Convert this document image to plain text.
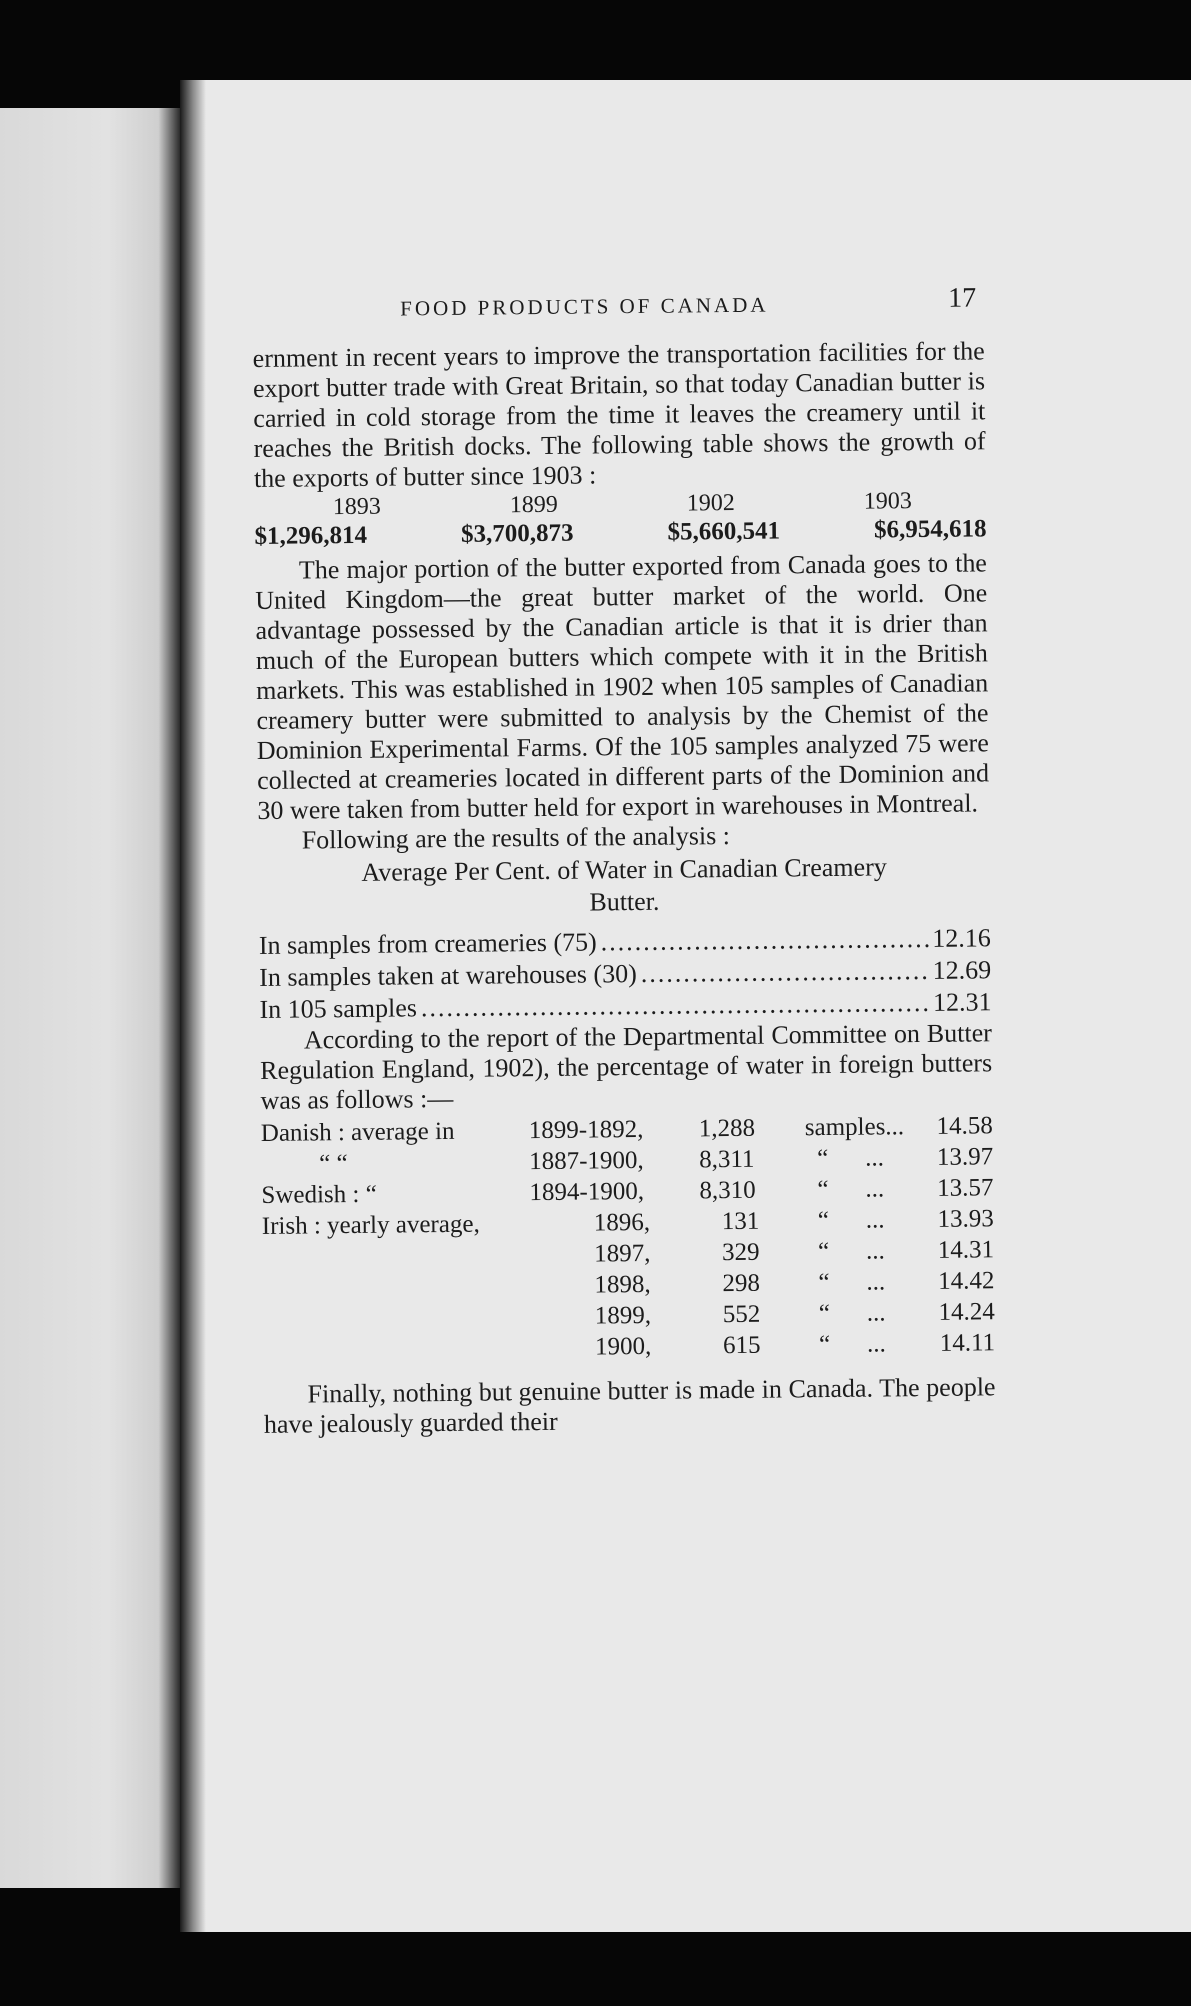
FOOD PRODUCTS OF CANADA	17

ernment in recent years to improve the transportation facilities for the export butter trade with Great Britain, so that today Canadian butter is carried in cold storage from the time it leaves the creamery until it reaches the British docks. The following table shows the growth of the exports of butter since 1903 :

1893	1899	1902	1903
$1,296,814	$3,700,873	$5,660,541	$6,954,618

The major portion of the butter exported from Canada goes to the United Kingdom—the great butter market of the world. One advantage possessed by the Canadian article is that it is drier than much of the European butters which compete with it in the British markets. This was established in 1902 when 105 samples of Canadian creamery butter were submitted to analysis by the Chemist of the Dominion Experimental Farms. Of the 105 samples analyzed 75 were collected at creameries located in different parts of the Dominion and 30 were taken from butter held for export in warehouses in Montreal.

Following are the results of the analysis :

Average Per Cent. of Water in Canadian Creamery
Butter.
In samples from creameries (75) .....	12.16
In samples taken at warehouses (30) .....	12.69
In 105 samples .....	12.31

According to the report of the Departmental Committee on Butter Regulation England, 1902), the percentage of water in foreign butters was as follows :—

Danish : average in	1899-1892, 1,288 samples... 14.58
“ “	1887-1900, 8,311 “ ... 13.97
Swedish : “	1894-1900, 8,310 “ ... 13.57
Irish : yearly average,	1896,	131 “ ... 13.93
1897,	329 “ ... 14.31
1898,	298 “ ... 14.42
1899,	552 “ ... 14.24
1900,	615 “ ... 14.11

Finally, nothing but genuine butter is made in Canada. The people have jealously guarded their
